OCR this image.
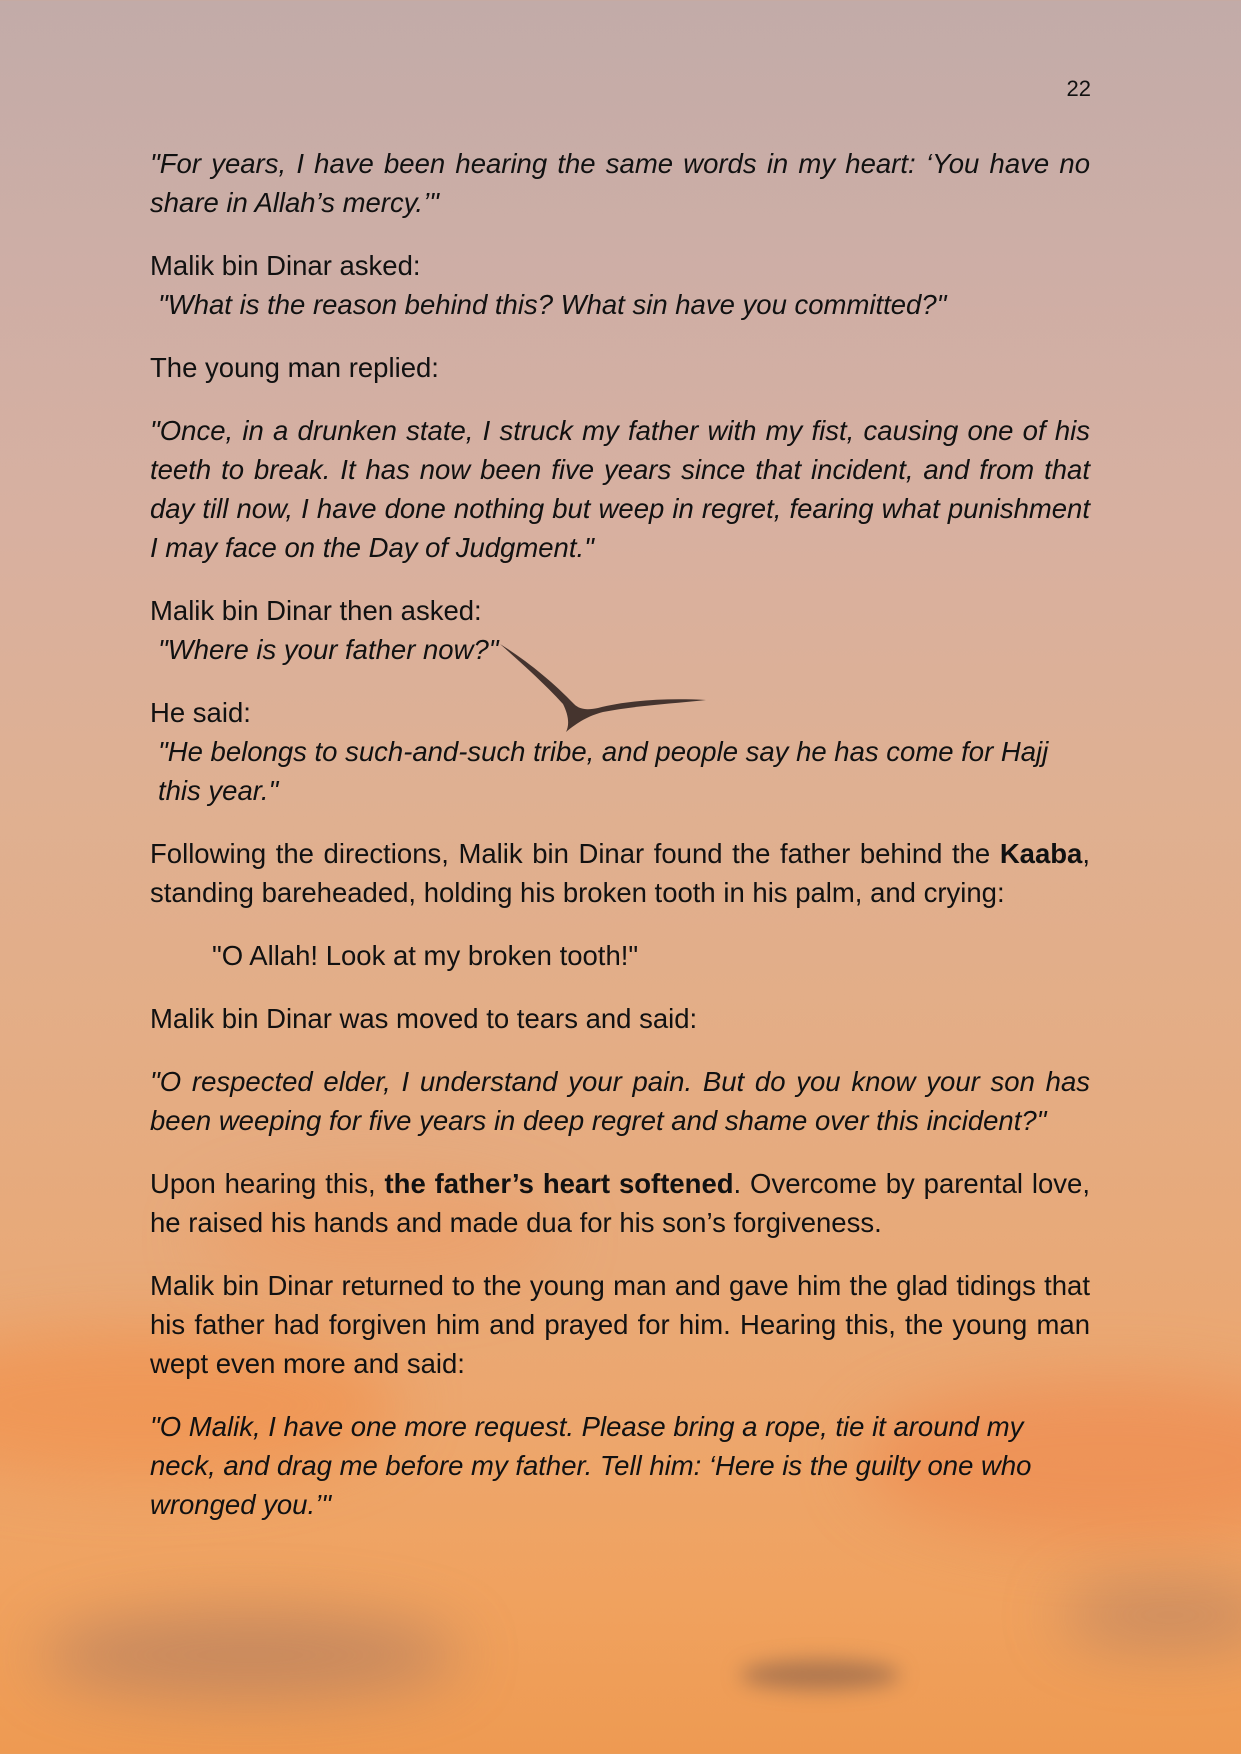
22

"For years, I have been hearing the same words in my heart: ‘You have no share in Allah’s mercy.’"

Malik bin Dinar asked:
"What is the reason behind this? What sin have you committed?"

The young man replied:

"Once, in a drunken state, I struck my father with my fist, causing one of his teeth to break. It has now been five years since that incident, and from that day till now, I have done nothing but weep in regret, fearing what punishment I may face on the Day of Judgment."

Malik bin Dinar then asked:
"Where is your father now?"

He said:
"He belongs to such-and-such tribe, and people say he has come for Hajj this year."

Following the directions, Malik bin Dinar found the father behind the Kaaba, standing bareheaded, holding his broken tooth in his palm, and crying:

"O Allah! Look at my broken tooth!"

Malik bin Dinar was moved to tears and said:

"O respected elder, I understand your pain. But do you know your son has been weeping for five years in deep regret and shame over this incident?"

Upon hearing this, the father’s heart softened. Overcome by parental love, he raised his hands and made dua for his son’s forgiveness.

Malik bin Dinar returned to the young man and gave him the glad tidings that his father had forgiven him and prayed for him. Hearing this, the young man wept even more and said:

"O Malik, I have one more request. Please bring a rope, tie it around my neck, and drag me before my father. Tell him: ‘Here is the guilty one who wronged you.’"
